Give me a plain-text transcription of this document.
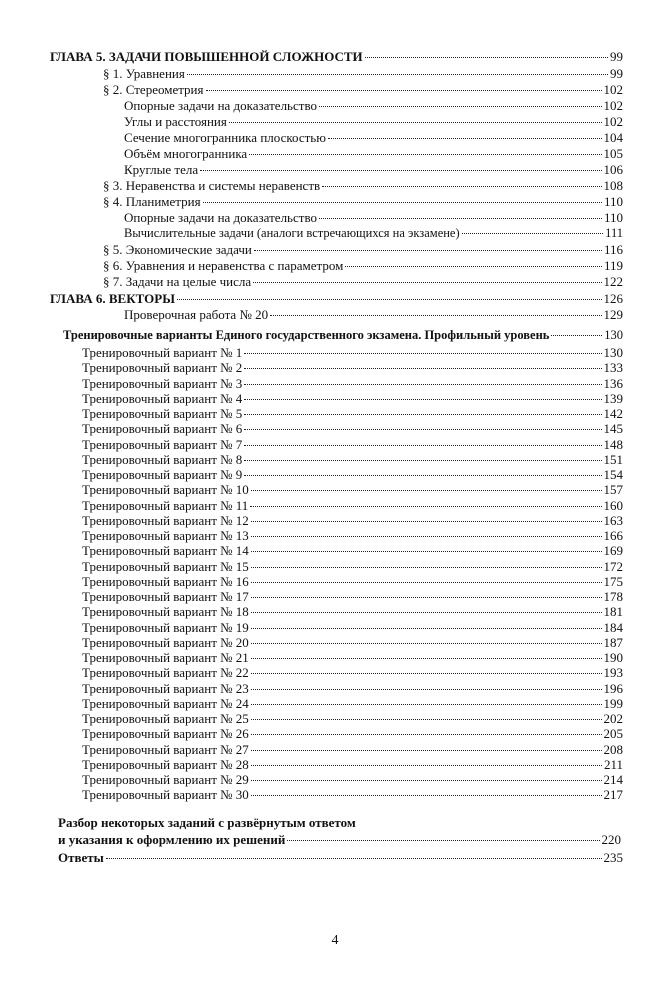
ГЛАВА 5. ЗАДАЧИ ПОВЫШЕННОЙ СЛОЖНОСТИ	99
§ 1. Уравнения	99
§ 2. Стереометрия	102
Опорные задачи на доказательство	102
Углы и расстояния	102
Сечение многогранника плоскостью	104
Объём многогранника	105
Круглые тела	106
§ 3. Неравенства и системы неравенств	108
§ 4. Планиметрия	110
Опорные задачи на доказательство	110
Вычислительные задачи (аналоги встречающихся на экзамене)	111
§ 5. Экономические задачи	116
§ 6. Уравнения и неравенства с параметром	119
§ 7. Задачи на целые числа	122
ГЛАВА 6. ВЕКТОРЫ	126
Проверочная работа № 20	129
Тренировочные варианты Единого государственного экзамена. Профильный уровень	130
Тренировочный вариант № 1	130
Тренировочный вариант № 2	133
Тренировочный вариант № 3	136
Тренировочный вариант № 4	139
Тренировочный вариант № 5	142
Тренировочный вариант № 6	145
Тренировочный вариант № 7	148
Тренировочный вариант № 8	151
Тренировочный вариант № 9	154
Тренировочный вариант № 10	157
Тренировочный вариант № 11	160
Тренировочный вариант № 12	163
Тренировочный вариант № 13	166
Тренировочный вариант № 14	169
Тренировочный вариант № 15	172
Тренировочный вариант № 16	175
Тренировочный вариант № 17	178
Тренировочный вариант № 18	181
Тренировочный вариант № 19	184
Тренировочный вариант № 20	187
Тренировочный вариант № 21	190
Тренировочный вариант № 22	193
Тренировочный вариант № 23	196
Тренировочный вариант № 24	199
Тренировочный вариант № 25	202
Тренировочный вариант № 26	205
Тренировочный вариант № 27	208
Тренировочный вариант № 28	211
Тренировочный вариант № 29	214
Тренировочный вариант № 30	217
Разбор некоторых заданий с развёрнутым ответом
и указания к оформлению их решений	220
Ответы	235
4
